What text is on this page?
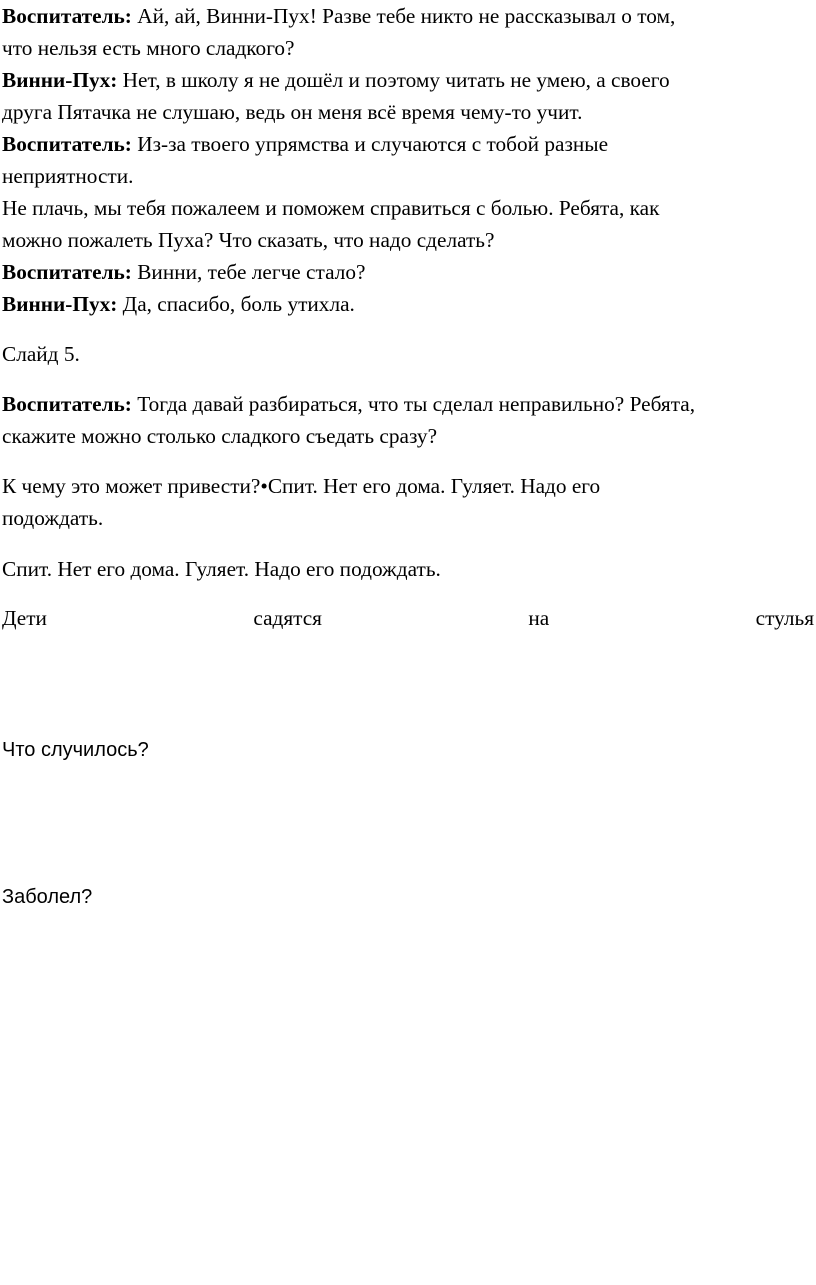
Воспитатель: Ай, ай, Винни-Пух! Разве тебе никто не рассказывал о том,

что нельзя есть много сладкого?

Винни-Пух: Нет, в школу я не дошёл и поэтому читать не умею, а своего

друга Пятачка не слушаю, ведь он меня всё время чему-то учит.

Воспитатель: Из-за твоего упрямства и случаются с тобой разные

неприятности.

Не плачь, мы тебя пожалеем и поможем справиться с болью. Ребята, как

можно пожалеть Пуха? Что сказать, что надо сделать?

Воспитатель: Винни, тебе легче стало?

Винни-Пух: Да, спасибо, боль утихла.

Слайд 5.

Воспитатель: Тогда давай разбираться, что ты сделал неправильно? Ребята,

скажите можно столько сладкого съедать сразу?

К чему это может привести?•Спит. Нет его дома. Гуляет. Надо его

подождать.

Спит. Нет его дома. Гуляет. Надо его подождать.

Дети	садятся	на	стулья

Что случилось?

Заболел?
